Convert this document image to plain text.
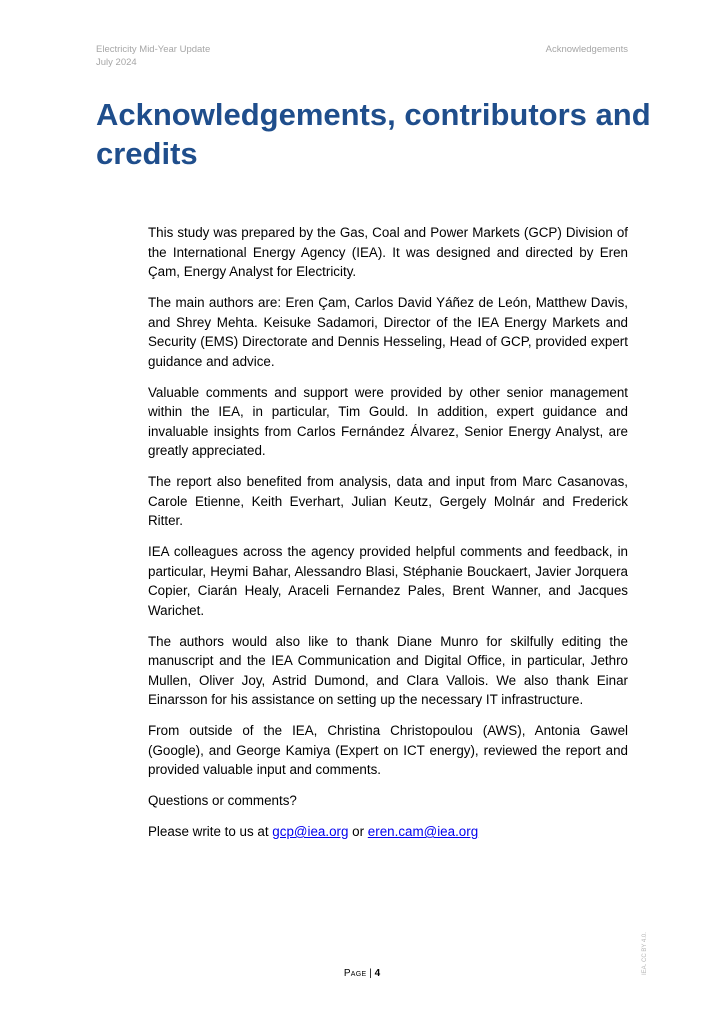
Electricity Mid-Year Update
July 2024
Acknowledgements
Acknowledgements, contributors and credits

This study was prepared by the Gas, Coal and Power Markets (GCP) Division of the International Energy Agency (IEA). It was designed and directed by Eren Çam, Energy Analyst for Electricity.

The main authors are: Eren Çam, Carlos David Yáñez de León, Matthew Davis, and Shrey Mehta. Keisuke Sadamori, Director of the IEA Energy Markets and Security (EMS) Directorate and Dennis Hesseling, Head of GCP, provided expert guidance and advice.

Valuable comments and support were provided by other senior management within the IEA, in particular, Tim Gould. In addition, expert guidance and invaluable insights from Carlos Fernández Álvarez, Senior Energy Analyst, are greatly appreciated.

The report also benefited from analysis, data and input from Marc Casanovas, Carole Etienne, Keith Everhart, Julian Keutz, Gergely Molnár and Frederick Ritter.

IEA colleagues across the agency provided helpful comments and feedback, in particular, Heymi Bahar, Alessandro Blasi, Stéphanie Bouckaert, Javier Jorquera Copier, Ciarán Healy, Araceli Fernandez Pales, Brent Wanner, and Jacques Warichet.

The authors would also like to thank Diane Munro for skilfully editing the manuscript and the IEA Communication and Digital Office, in particular, Jethro Mullen, Oliver Joy, Astrid Dumond, and Clara Vallois. We also thank Einar Einarsson for his assistance on setting up the necessary IT infrastructure.

From outside of the IEA, Christina Christopoulou (AWS), Antonia Gawel (Google), and George Kamiya (Expert on ICT energy), reviewed the report and provided valuable input and comments.

Questions or comments?

Please write to us at gcp@iea.org or eren.cam@iea.org

Page | 4	IEA. CC BY 4.0.
